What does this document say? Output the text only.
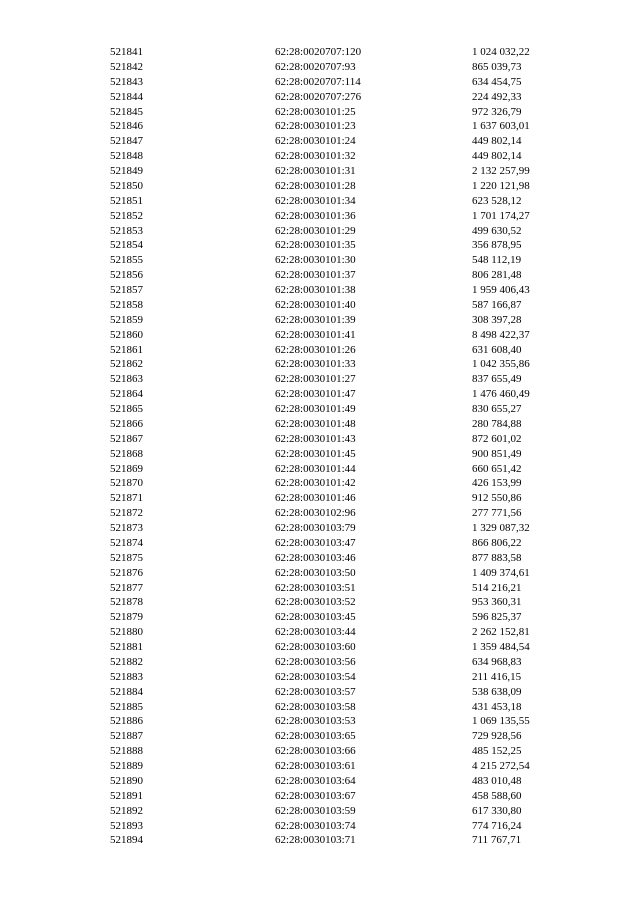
521841	62:28:0020707:120	1 024 032,22
521842	62:28:0020707:93	865 039,73
521843	62:28:0020707:114	634 454,75
521844	62:28:0020707:276	224 492,33
521845	62:28:0030101:25	972 326,79
521846	62:28:0030101:23	1 637 603,01
521847	62:28:0030101:24	449 802,14
521848	62:28:0030101:32	449 802,14
521849	62:28:0030101:31	2 132 257,99
521850	62:28:0030101:28	1 220 121,98
521851	62:28:0030101:34	623 528,12
521852	62:28:0030101:36	1 701 174,27
521853	62:28:0030101:29	499 630,52
521854	62:28:0030101:35	356 878,95
521855	62:28:0030101:30	548 112,19
521856	62:28:0030101:37	806 281,48
521857	62:28:0030101:38	1 959 406,43
521858	62:28:0030101:40	587 166,87
521859	62:28:0030101:39	308 397,28
521860	62:28:0030101:41	8 498 422,37
521861	62:28:0030101:26	631 608,40
521862	62:28:0030101:33	1 042 355,86
521863	62:28:0030101:27	837 655,49
521864	62:28:0030101:47	1 476 460,49
521865	62:28:0030101:49	830 655,27
521866	62:28:0030101:48	280 784,88
521867	62:28:0030101:43	872 601,02
521868	62:28:0030101:45	900 851,49
521869	62:28:0030101:44	660 651,42
521870	62:28:0030101:42	426 153,99
521871	62:28:0030101:46	912 550,86
521872	62:28:0030102:96	277 771,56
521873	62:28:0030103:79	1 329 087,32
521874	62:28:0030103:47	866 806,22
521875	62:28:0030103:46	877 883,58
521876	62:28:0030103:50	1 409 374,61
521877	62:28:0030103:51	514 216,21
521878	62:28:0030103:52	953 360,31
521879	62:28:0030103:45	596 825,37
521880	62:28:0030103:44	2 262 152,81
521881	62:28:0030103:60	1 359 484,54
521882	62:28:0030103:56	634 968,83
521883	62:28:0030103:54	211 416,15
521884	62:28:0030103:57	538 638,09
521885	62:28:0030103:58	431 453,18
521886	62:28:0030103:53	1 069 135,55
521887	62:28:0030103:65	729 928,56
521888	62:28:0030103:66	485 152,25
521889	62:28:0030103:61	4 215 272,54
521890	62:28:0030103:64	483 010,48
521891	62:28:0030103:67	458 588,60
521892	62:28:0030103:59	617 330,80
521893	62:28:0030103:74	774 716,24
521894	62:28:0030103:71	711 767,71
